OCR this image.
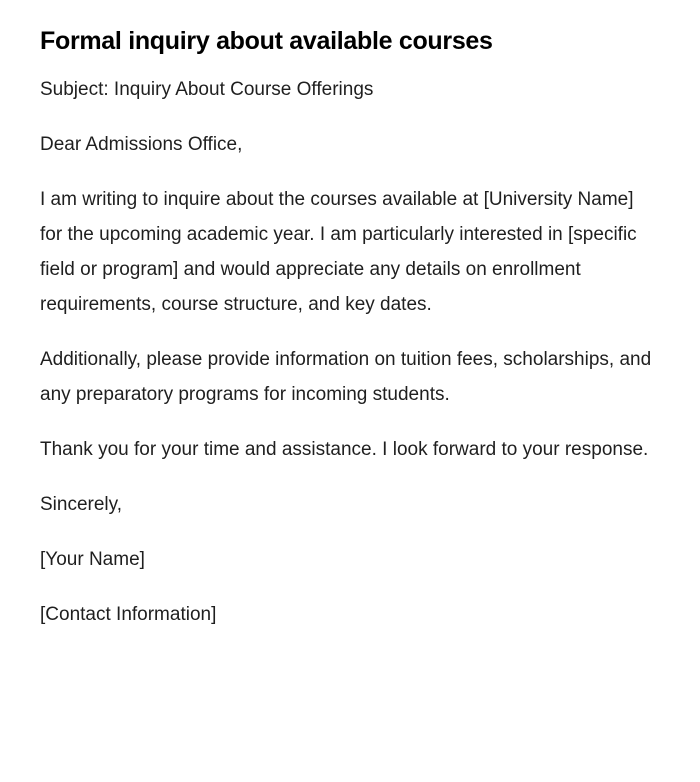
Formal inquiry about available courses

Subject: Inquiry About Course Offerings

Dear Admissions Office,

I am writing to inquire about the courses available at [University Name] for the upcoming academic year. I am particularly interested in [specific field or program] and would appreciate any details on enrollment requirements, course structure, and key dates.

Additionally, please provide information on tuition fees, scholarships, and any preparatory programs for incoming students.

Thank you for your time and assistance. I look forward to your response.

Sincerely,

[Your Name]

[Contact Information]
